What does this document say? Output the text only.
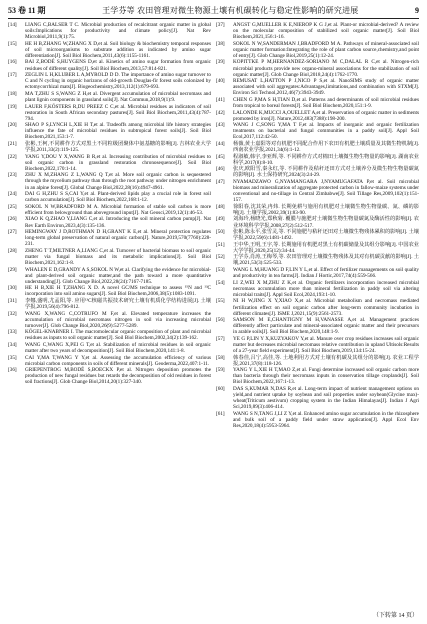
53 卷 11 期	王学芬等 农田管理对微生物源土壤有机碳转化与稳定性影响的研究进展	9
[14] LIANG C,BALSER T C. Microbial production of recalcitrant organic matter in global soils:Implications for productivity and climate policy[J]. Nat Rev Microbiol,2011,9(1):75.
[15] HE H B,ZHANG W,ZHANG X D,et al. Soil biology & biochemistry temporal responses of soil microorganisms to substrate addition as indicated by amino sugar differentiation[J]. Soil Biol Biochem,2011,43(6):1155-1161.
[16] BAI Z,BODÉ S,HUYGENS D,et al. Kinetics of amino sugar formation from organic residues of different quality[J]. Soil Biol Biochem,2013,57:814-821.
[17] ZEGLIN L H,KLUBER L A,MYROLD D D. The importance of amino sugar turnover to C and N cycling in organic horizons of old-growth Douglas-fir forest soils colonized by ectomycorrhizal mats[J]. Biogeochemistry,2013,112(1):679-693.
[18] MA T,ZHU S S,WANG Z H,et al. Divergent accumulation of microbial necromass and plant lignin components in grassland soils[J]. Nat Commun,2018,9(1):9.
[19] LAUER F,KÖSTERS R,DU PREEZ C C,et al. Microbial residues as indicators of soil restoration in South African secondary pastures[J]. Soil Biol Biochem,2011,43(4):787-794.
[20] SHAO P S,LYNCH L,XIE H T,et al. Tradeoffs among microbial life history strategies influence the fate of microbial residues in subtropical forest soils[J]. Soil Biol Biochem,2021,153:1-7.
[21] 张彬,王柯,不同耕作方式对黑土不同粒级团聚体中氨基糖的影响[J]. 吉林农业大学学报,2011,33(2):119-125.
[22] YANG Y,DOU Y X,WANG B R,et al. Increasing contribution of microbial residues to soil organic carbon in grassland restoration chronosequence[J]. Soil Biol Biochem,2022,170:1-14.
[23] ZHU X M,ZHANG Z L,WANG Q T,et al. More soil organic carbon is sequestered through the mycelium pathway than through the root pathway under nitrogen enrichment in an alpine forest[J]. Global Change Biol,2022,28(16):4947-4961.
[24] DAI G H,ZHU S S,CAI Y,et al. Plant-derived lipids play a crucial role in forest soil carbon accumulation[J]. Soil Biol Biochem,2022,168:1-12.
[25] SOKOL N W,BRADFORD M A. Microbial formation of stable soil carbon is more efficient from belowground than aboveground input[J]. Nat Geosci,2019,12(1):46-53.
[26] XIAO K Q,ZHAO Y,LIANG C,et al. Introducing the soil mineral carbon pump[J]. Nat Rev Earth Environ,2023,4(3):135-136.
[27] HEMINGWAY J D,ROTHMAN D H,GRANT K E,et al. Mineral protection regulates long-term global preservation of natural organic carbon[J]. Nature,2019,570(7760):228-231.
[28] ZHENG T T,MILTNER A,LIANG C,et al. Turnover of bacterial biomass to soil organic matter via fungal biomass and its metabolic implications[J]. Soil Biol Biochem,2021,162:1-8.
[29] WHALEN E D,GRANDY A S,SOKOL N W,et al. Clarifying the evidence for microbial-and plant-derived soil organic matter,and the path toward a more quantitative understanding[J]. Glob Change Biol,2022,28(24):7167-7185.
[30] HE H B,XIE H T,ZHANG X D. A novel GC/MS technique to assess ¹⁵N and ¹³C incorporation into soil amino sugars[J]. Soil Biol Biochem,2006,38(5):1083-1091.
[31] 李娜,盛明,尤孟阳,等. 应用¹³C核磁共振技术研究土壤有机质化学结构进展[J]. 土壤学报,2019,56(4):796-812.
[32] WANG X,WANG C,COTRUFO M F,et al. Elevated temperature increases the accumulation of microbial necromass nitrogen in soil via increasing microbial turnover[J]. Glob Change Biol,2020,26(9):5277-5289.
[33] KÖGEL-KNABNER I. The macromolecular organic composition of plant and microbial residues as inputs to soil organic matter[J]. Soil Biol Biochem,2002,34(2):139-162.
[34] WANG C,WANG X,PEI G T,et al. Stabilization of microbial residues in soil organic matter after two years of decomposition[J]. Soil Biol Biochem,2020,141:1-8.
[35] CAI Y,MA T,WANG Y Y,et al. Assessing the accumulation efficiency of various microbial carbon components in soils of different minerals[J]. Geoderma,2022,407:1-11.
[36] GRIEPENTROG M,BODÉ S,BOECKX P,et al. Nitrogen deposition promotes the production of new fungal residues but retards the decomposition of old residues in forest soil fractions[J]. Glob Change Biol,2014,20(1):327-340.
[37] ANGST G,MUELLER K E,NIEROP K G J,et al. Plant-or microbial-derived? A review on the molecular composition of stabilized soil organic matter[J]. Soil Biol Biochem,2021,156:1-16.
[38] SOKOL N W,SANDERMAN J,BRADFORD M A. Pathways of mineral-associated soil organic matter formation:Integrating the role of plant carbon source,chemistry,and point of entry[J]. Glob Change Biol,2019,25(1):12-24.
[39] KOPITTKE P M,HERNANDEZ-SORIANO M C,DALAL R C,et al. Nitrogen-rich microbial products provide new organo-mineral associations for the stabilization of soil organic matter[J]. Glob Change Biol,2018,24(4):1762-1770.
[40] REMUSAT L,HATTON P J,NICO P S,et al. NanoSIMS study of organic matter associated with soil aggregates:Advantages,limitations,and combination with STXM[J]. Environ Sci Technol,2012,46(7):3943-3949.
[41] CHEN G P,MA S H,TIAN D,et al. Patterns and determinants of soil microbial residues from tropical to boreal forests[J]. Soil Biol Biochem,2020,151:1-9.
[42] LALONDE K,MUCCI A,OUELLET A,et al. Preservation of organic matter in sediments promoted by iron[J]. Nature,2012,483(7388):198-200.
[43] WANG J C,SONG Y,MA T F,et al. Impacts of inorganic and organic fertilization treatments on bacterial and fungal communities in a paddy soil[J]. Appl Soil Ecol,2017,112:42-50.
[44] 杨薇,黄士嘉阳等对有机肥不同配合作用下农田有机肥土壤质量及其微生物机制[J]. 西南农业学报,2021,34(6):1-12.
[45] 程淑敏,韩宇,李亚辉,等. 不同耕作方式对棉田土壤微生物生物量的影响[J]. 湖南农业科学,2017(8):8-10.
[46] 张庆,欧阳雪,秦永红,等. 不同耕作及秸秆还田方式对土壤养分及微生物生物量碳氮的影响[J]. 水土保持研究,2024(3):24-29.
[47] NYAMADZAWO G,NYAMANGARA J,NYAMUGAFATA P,et al. Soil microbial biomass and mineralization of aggregate protected carbon in fallow-maize systems under conventional and no-tillage in Central Zimbabwe[J]. Soil Tillage Res,2009,102(1):151-157.
[48] 徐阳春,沈其荣,冉炜. 长期免耕与施用有机肥对土壤微生物生物量碳、氮、磷的影响[J]. 土壤学报,2002,39(1):83-90.
[49] 刘海玲,杨晓光,郑秋菊. 覆膜与施肥对土壤微生物生物量碳氮及酶活性的影响[J]. 农业环境科学学报,2008,27(2):512-517.
[50] 张彬,陈永平,张雪灵,等. 不同施肥与秸秆还田对土壤微生物残体累积的影响[J]. 土壤学报,2022,59(6):1481-1492.
[51] 王中华,王明,王宇,等. 长期施用有机肥对黑土有机碳储量及其组分影响[J]. 中国农业大学学报,2020,25(12):34-44.
[52] 王学芬,肖涛,王梅琴,等. 农田管理对土壤微生物残体及其对有机碳贡献的影响[J]. 土壤,2021,53(3):525-533.
[53] WANG L M,HUANG D F,LIN Y L,et al. Effect of fertilizer managements on soil quality and productivity in tea farms[J]. Indian J Hortic,2017,74(4):559-566.
[54] LI Z,WEI X M,ZHU Z K,et al. Organic fertilizers incorporation increased microbial necromass accumulation more than mineral fertilization in paddy soil via altering microbial traits[J]. Appl Soil Ecol,2024,193:1-10.
[55] NI H W,JING X Y,XIAO X,et al. Microbial metabolism and necromass mediated fertilization effect on soil organic carbon after long-term community incubation in different climates[J]. ISME J,2021,15(9):2561-2573.
[56] SAMSON M E,CHANTIGNY M H,VANASSE A,et al. Management practices differently affect particulate and mineral-associated organic matter and their precursors in arable soils[J]. Soil Biol Biochem,2020,148:1-9.
[57] YE G P,LIN Y X,KUZYAKOV Y,et al. Manure over crop residues increases soil organic matter but decreases microbial necromass relative contribution in upland Ultisols:Results of a 27-year field experiment[J]. Soil Biol Biochem,2019,134:15-24.
[58] 韩春佳,吕宁,高佳,等. 土地利用方式对土壤有机碳及其组分的影响[J]. 农业工程学报,2021,37(8):118-126.
[59] YANG Y L,XIE H T,MAO Z,et al. Fungi determine increased soil organic carbon more than bacteria through their necromass inputs in conservation tillage croplands[J]. Soil Biol Biochem,2022,167:1-13.
[60] DAS S,KUMAR N,DAS R,et al. Long-term impact of nutrient management options on yield,and nutrient uptake by soybean and soil properties under soybean(Glycine max)-wheat(Triticum aestivum) cropping system in the Indian Himalayas[J]. Indian J Agri Sci,2019,89(3):406-414.
[61] WANG S N,TANG J,LI Z Y,et al. Enhanced amino sugar accumulation in the rhizosphere and bulk soil of a paddy field under straw application[J]. Appl Ecol Env Res,2020,18(4):5953-5964.
（下转第 14 页）
